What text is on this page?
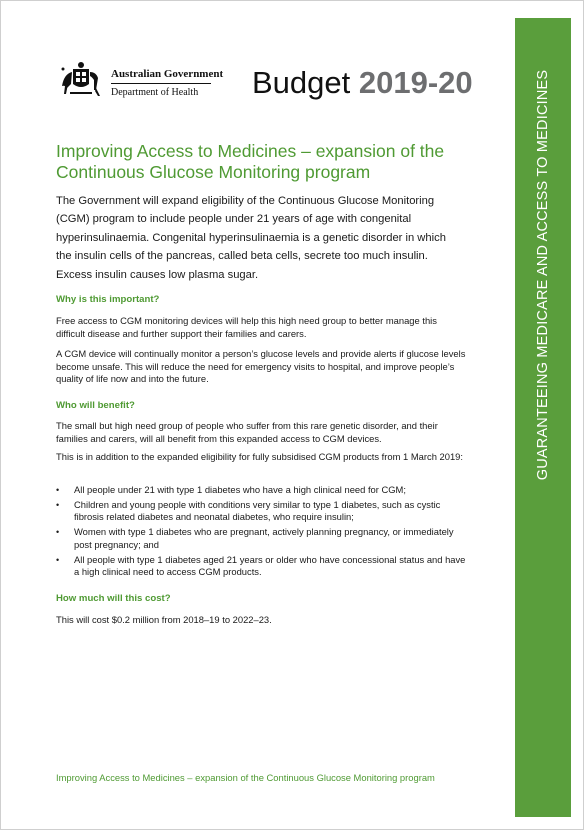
GUARANTEEING MEDICARE AND ACCESS TO MEDICINES
Australian Government
Department of Health	Budget 2019-20
Improving Access to Medicines – expansion of the Continuous Glucose Monitoring program

The Government will expand eligibility of the Continuous Glucose Monitoring (CGM) program to include people under 21 years of age with congenital hyperinsulinaemia. Congenital hyperinsulinaemia is a genetic disorder in which the insulin cells of the pancreas, called beta cells, secrete too much insulin. Excess insulin causes low plasma sugar.

Why is this important?

Free access to CGM monitoring devices will help this high need group to better manage this difficult disease and further support their families and carers.

A CGM device will continually monitor a person’s glucose levels and provide alerts if glucose levels become unsafe. This will reduce the need for emergency visits to hospital, and improve people’s quality of life now and into the future.

Who will benefit?

The small but high need group of people who suffer from this rare genetic disorder, and their families and carers, will all benefit from this expanded access to CGM devices.

This is in addition to the expanded eligibility for fully subsidised CGM products from 1 March 2019:

• All people under 21 with type 1 diabetes who have a high clinical need for CGM;
• Children and young people with conditions very similar to type 1 diabetes, such as cystic fibrosis related diabetes and neonatal diabetes, who require insulin;
• Women with type 1 diabetes who are pregnant, actively planning pregnancy, or immediately post pregnancy; and
• All people with type 1 diabetes aged 21 years or older who have concessional status and have a high clinical need to access CGM products.
How much will this cost?

This will cost $0.2 million from 2018–19 to 2022–23.

Improving Access to Medicines – expansion of the Continuous Glucose Monitoring program
